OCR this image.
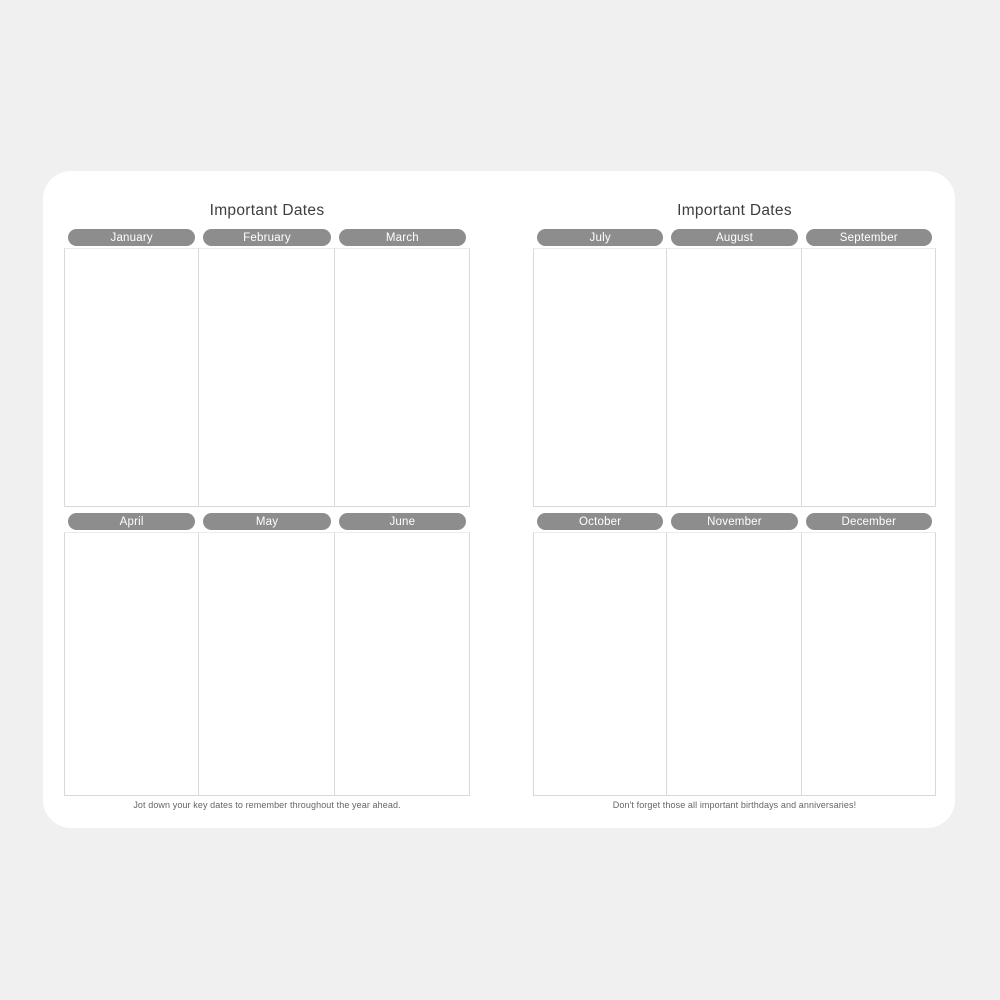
Important Dates
January	February	March
April	May	June

Jot down your key dates to remember throughout the year ahead.

Important Dates
July	August	September
October	November	December

Don't forget those all important birthdays and anniversaries!
